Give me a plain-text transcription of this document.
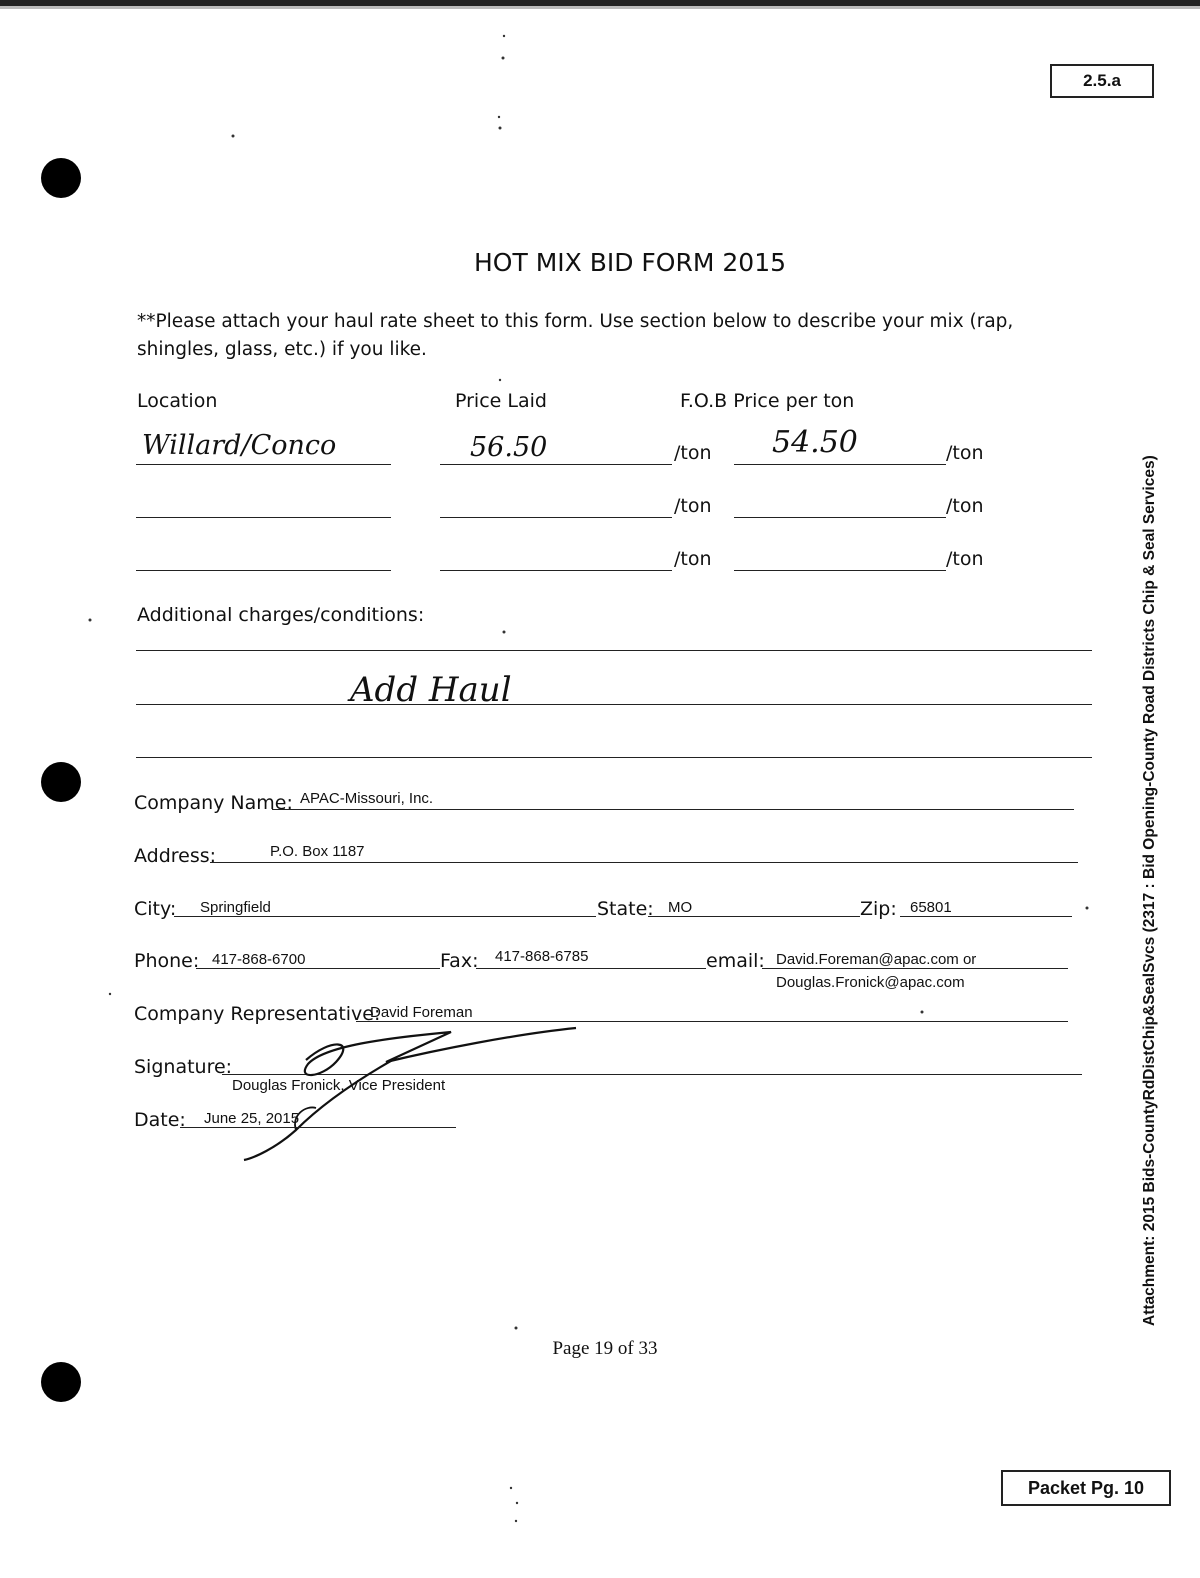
2.5.a
HOT MIX BID FORM 2015
**Please attach your haul rate sheet to this form. Use section below to describe your mix (rap, shingles, glass, etc.) if you like.
Location	Price Laid	F.O.B Price per ton
Willard/Conco	56.50	/ton 54.50	/ton
/ton	/ton
/ton	/ton
Additional charges/conditions:
Add Haul
Company Name: APAC-Missouri, Inc.
Address:	P.O. Box 1187
City: Springfield	State: MO	Zip: 65801
Phone: 417-868-6700	Fax: 417-868-6785	email: David.Foreman@apac.com or
Douglas.Fronick@apac.com
Company Representative:
David Foreman
Signature:
Douglas Fronick, Vice President
Date: June 25, 2015
Page 19 of 33
Packet Pg. 10
Attachment: 2015 Bids-CountyRdDistChip&SealSvcs (2317 : Bid Opening-County Road Districts Chip & Seal Services)
